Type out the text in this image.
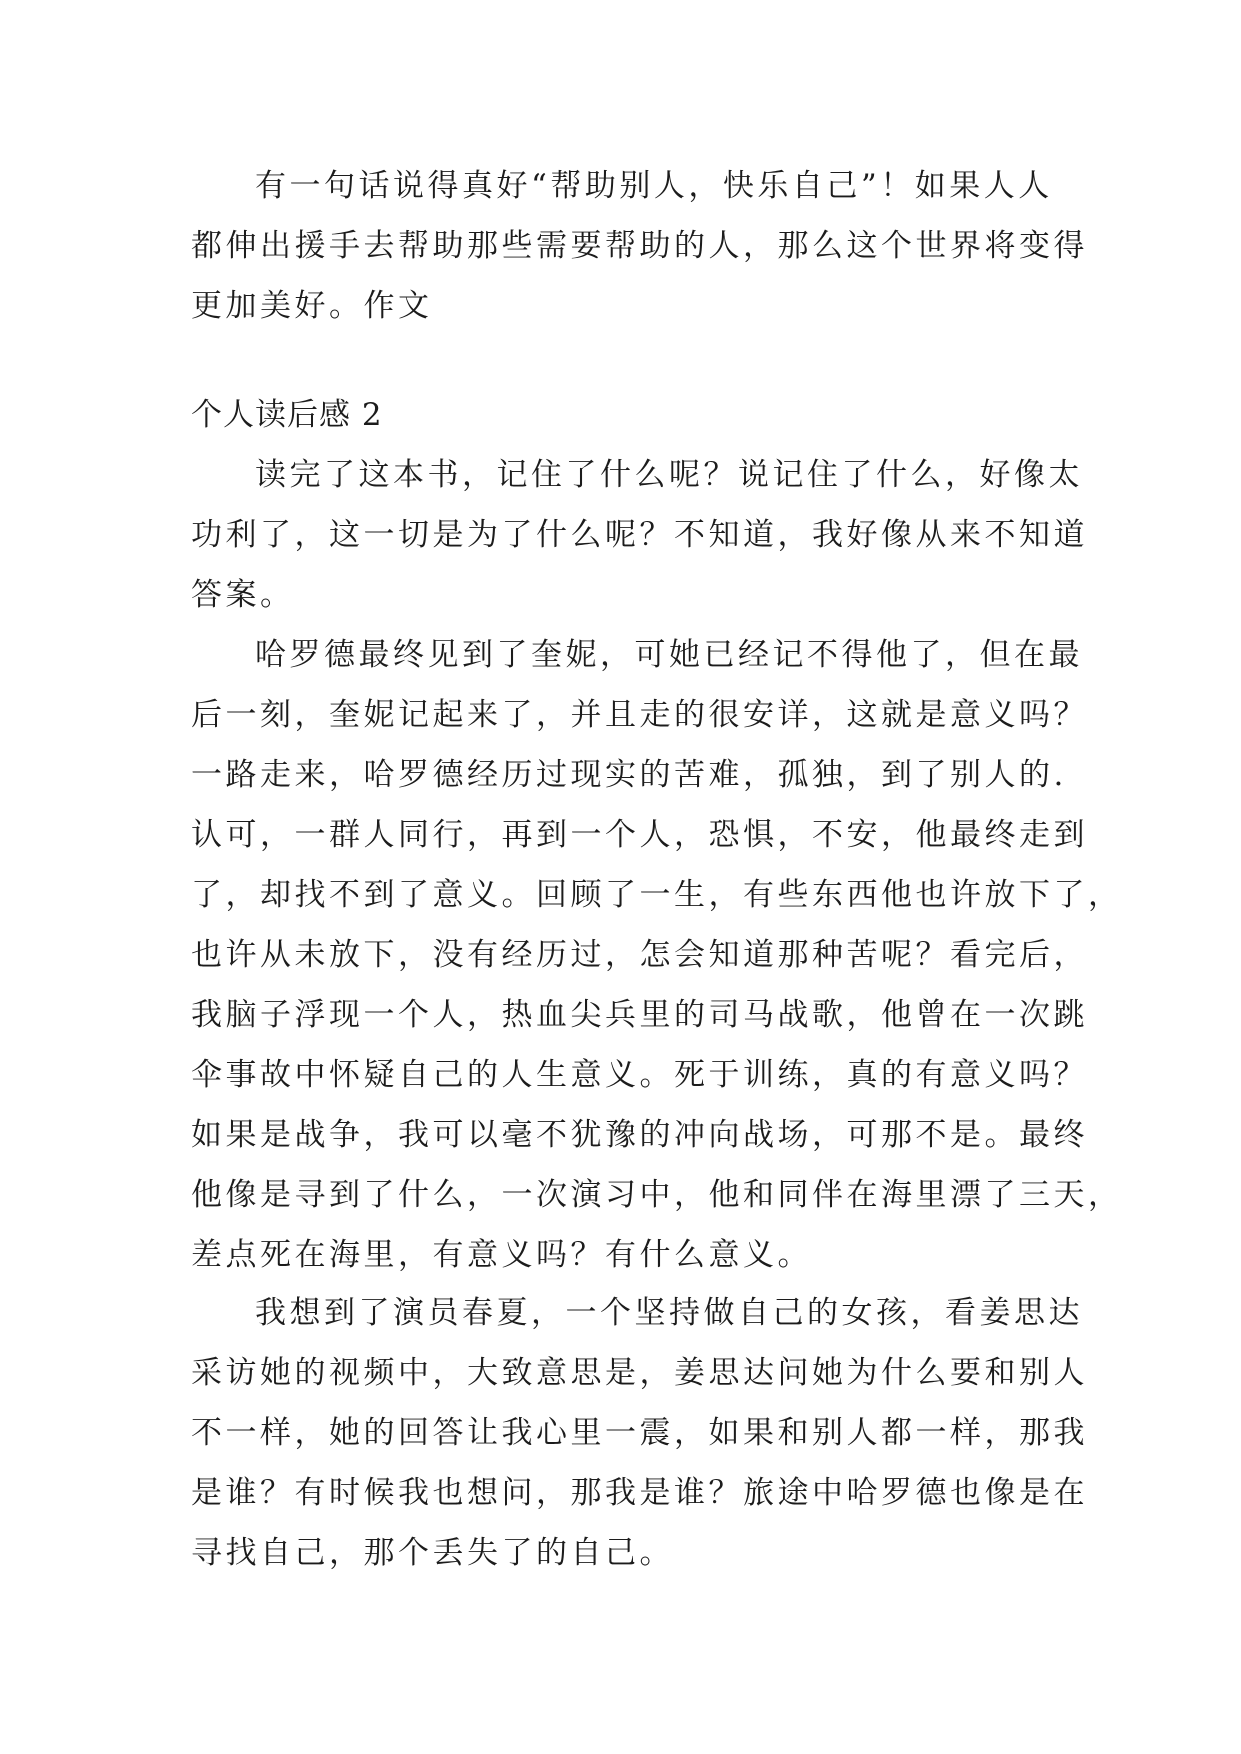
有一句话说得真好“帮助别人，快乐自己”！如果人人
都伸出援手去帮助那些需要帮助的人，那么这个世界将变得
更加美好。作文
个人读后感 2
读完了这本书，记住了什么呢？说记住了什么，好像太
功利了，这一切是为了什么呢？不知道，我好像从来不知道
答案。
哈罗德最终见到了奎妮，可她已经记不得他了，但在最
后一刻，奎妮记起来了，并且走的很安详，这就是意义吗？
一路走来，哈罗德经历过现实的苦难，孤独，到了别人的.
认可，一群人同行，再到一个人，恐惧，不安，他最终走到
了，却找不到了意义。回顾了一生，有些东西他也许放下了，
也许从未放下，没有经历过，怎会知道那种苦呢？看完后，
我脑子浮现一个人，热血尖兵里的司马战歌，他曾在一次跳
伞事故中怀疑自己的人生意义。死于训练，真的有意义吗？
如果是战争，我可以毫不犹豫的冲向战场，可那不是。最终
他像是寻到了什么，一次演习中，他和同伴在海里漂了三天，
差点死在海里，有意义吗？有什么意义。
我想到了演员春夏，一个坚持做自己的女孩，看姜思达
采访她的视频中，大致意思是，姜思达问她为什么要和别人
不一样，她的回答让我心里一震，如果和别人都一样，那我
是谁？有时候我也想问，那我是谁？旅途中哈罗德也像是在
寻找自己，那个丢失了的自己。
